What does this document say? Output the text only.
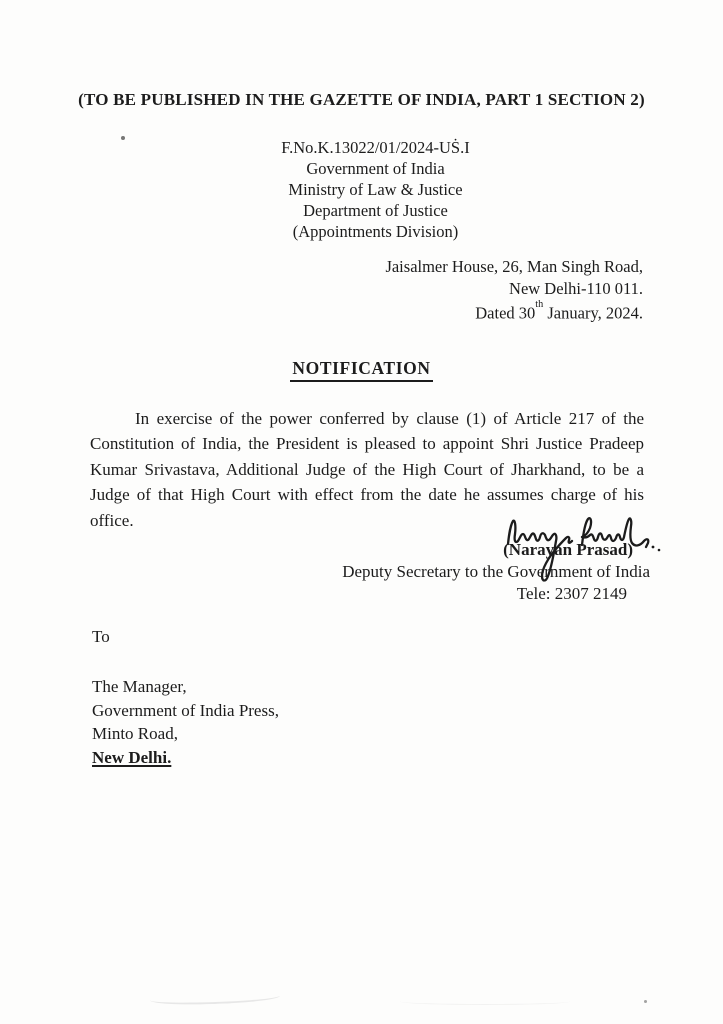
(TO BE PUBLISHED IN THE GAZETTE OF INDIA, PART 1 SECTION 2)
F.No.K.13022/01/2024-UṠ.I
Government of India
Ministry of Law & Justice
Department of Justice
(Appointments Division)
Jaisalmer House, 26, Man Singh Road,
New Delhi-110 011.
Dated 30th January, 2024.
NOTIFICATION

In exercise of the power conferred by clause (1) of Article 217 of the Constitution of India, the President is pleased to appoint Shri Justice Pradeep Kumar Srivastava, Additional Judge of the High Court of Jharkhand, to be a Judge of that High Court with effect from the date he assumes charge of his office.

(Narayan Prasad)
Deputy Secretary to the Government of India
Tele: 2307 2149
To
The Manager,
Government of India Press,
Minto Road,
New Delhi.
